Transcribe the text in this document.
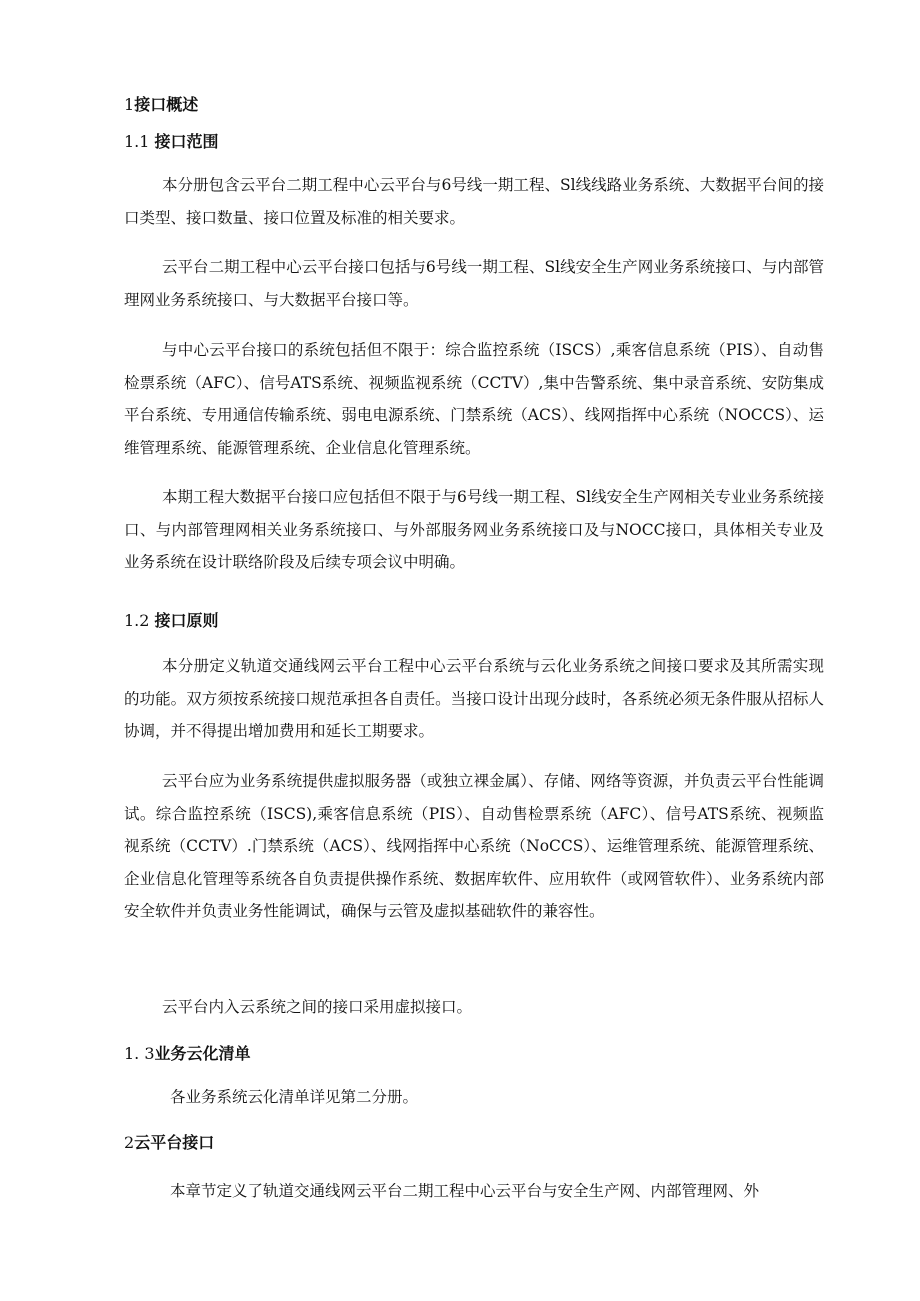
1接口概述
1.1 接口范围

本分册包含云平台二期工程中心云平台与6号线一期工程、Sl线线路业务系统、大数据平台间的接口类型、接口数量、接口位置及标准的相关要求。

云平台二期工程中心云平台接口包括与6号线一期工程、Sl线安全生产网业务系统接口、与内部管理网业务系统接口、与大数据平台接口等。

与中心云平台接口的系统包括但不限于：综合监控系统（ISCS）,乘客信息系统（PIS）、自动售检票系统（AFC）、信号ATS系统、视频监视系统（CCTV）,集中告警系统、集中录音系统、安防集成平台系统、专用通信传输系统、弱电电源系统、门禁系统（ACS）、线网指挥中心系统（NOCCS）、运维管理系统、能源管理系统、企业信息化管理系统。

本期工程大数据平台接口应包括但不限于与6号线一期工程、Sl线安全生产网相关专业业务系统接口、与内部管理网相关业务系统接口、与外部服务网业务系统接口及与NOCC接口，具体相关专业及业务系统在设计联络阶段及后续专项会议中明确。

1.2 接口原则

本分册定义轨道交通线网云平台工程中心云平台系统与云化业务系统之间接口要求及其所需实现的功能。双方须按系统接口规范承担各自责任。当接口设计出现分歧时，各系统必须无条件服从招标人协调，并不得提出增加费用和延长工期要求。

云平台应为业务系统提供虚拟服务器（或独立裸金属）、存储、网络等资源，并负责云平台性能调试。综合监控系统（ISCS),乘客信息系统（PIS）、自动售检票系统（AFC）、信号ATS系统、视频监视系统（CCTV）.门禁系统（ACS）、线网指挥中心系统（NoCCS）、运维管理系统、能源管理系统、企业信息化管理等系统各自负责提供操作系统、数据库软件、应用软件（或网管软件）、业务系统内部安全软件并负责业务性能调试，确保与云管及虚拟基础软件的兼容性。

云平台内入云系统之间的接口采用虚拟接口。

1. 3业务云化清单

各业务系统云化清单详见第二分册。

2云平台接口

本章节定义了轨道交通线网云平台二期工程中心云平台与安全生产网、内部管理网、外
